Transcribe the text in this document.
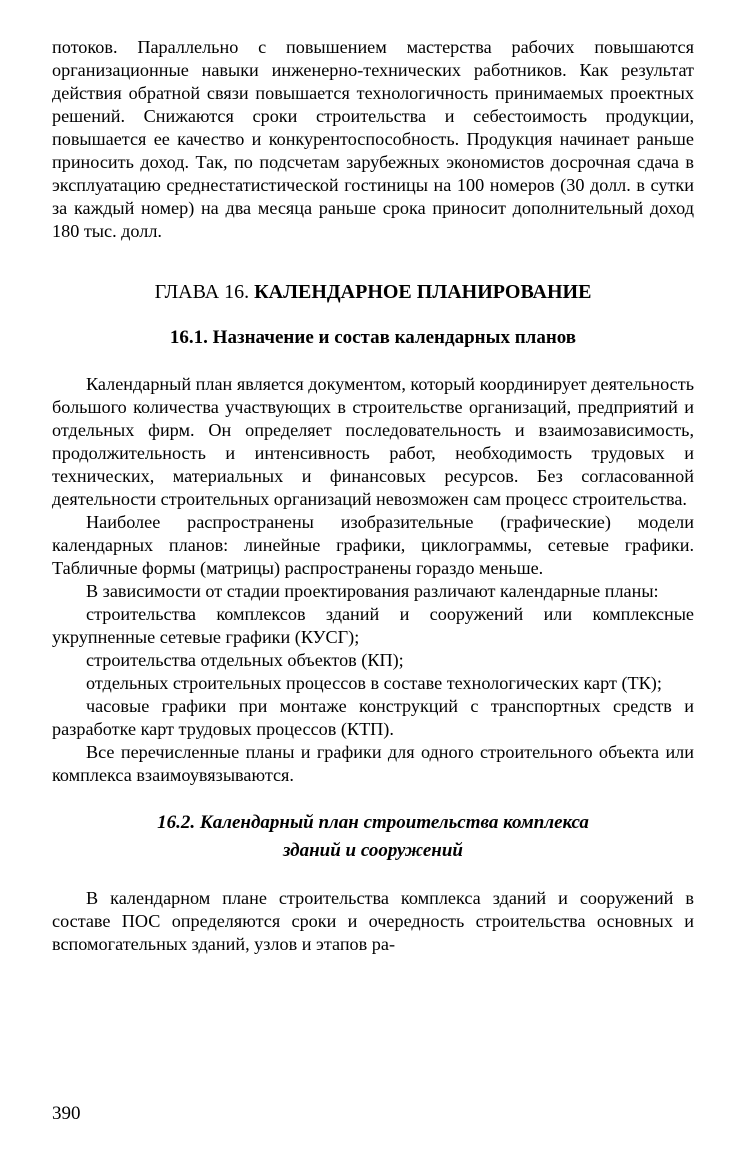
потоков. Параллельно с повышением мастерства рабочих повышаются организационные навыки инженерно-технических работников. Как результат действия обратной связи повышается технологичность принимаемых проектных решений. Снижаются сроки строительства и себестоимость продукции, повышается ее качество и конкурентоспособность. Продукция начинает раньше приносить доход. Так, по подсчетам зарубежных экономистов досрочная сдача в эксплуатацию среднестатистической гостиницы на 100 номеров (30 долл. в сутки за каждый номер) на два месяца раньше срока приносит дополнительный доход 180 тыс. долл.

ГЛАВА 16. КАЛЕНДАРНОЕ ПЛАНИРОВАНИЕ
16.1. Назначение и состав календарных планов

Календарный план является документом, который координирует деятельность большого количества участвующих в строительстве организаций, предприятий и отдельных фирм. Он определяет последовательность и взаимозависимость, продолжительность и интенсивность работ, необходимость трудовых и технических, материальных и финансовых ресурсов. Без согласованной деятельности строительных организаций невозможен сам процесс строительства.

Наиболее распространены изобразительные (графические) модели календарных планов: линейные графики, циклограммы, сетевые графики. Табличные формы (матрицы) распространены гораздо меньше.

В зависимости от стадии проектирования различают календарные планы:

строительства комплексов зданий и сооружений или комплексные укрупненные сетевые графики (КУСГ);

строительства отдельных объектов (КП);

отдельных строительных процессов в составе технологических карт (ТК);

часовые графики при монтаже конструкций с транспортных средств и разработке карт трудовых процессов (КТП).

Все перечисленные планы и графики для одного строительного объекта или комплекса взаимоувязываются.

16.2. Календарный план строительства комплекса
зданий и сооружений

В календарном плане строительства комплекса зданий и сооружений в составе ПОС определяются сроки и очередность строительства основных и вспомогательных зданий, узлов и этапов ра-

390
